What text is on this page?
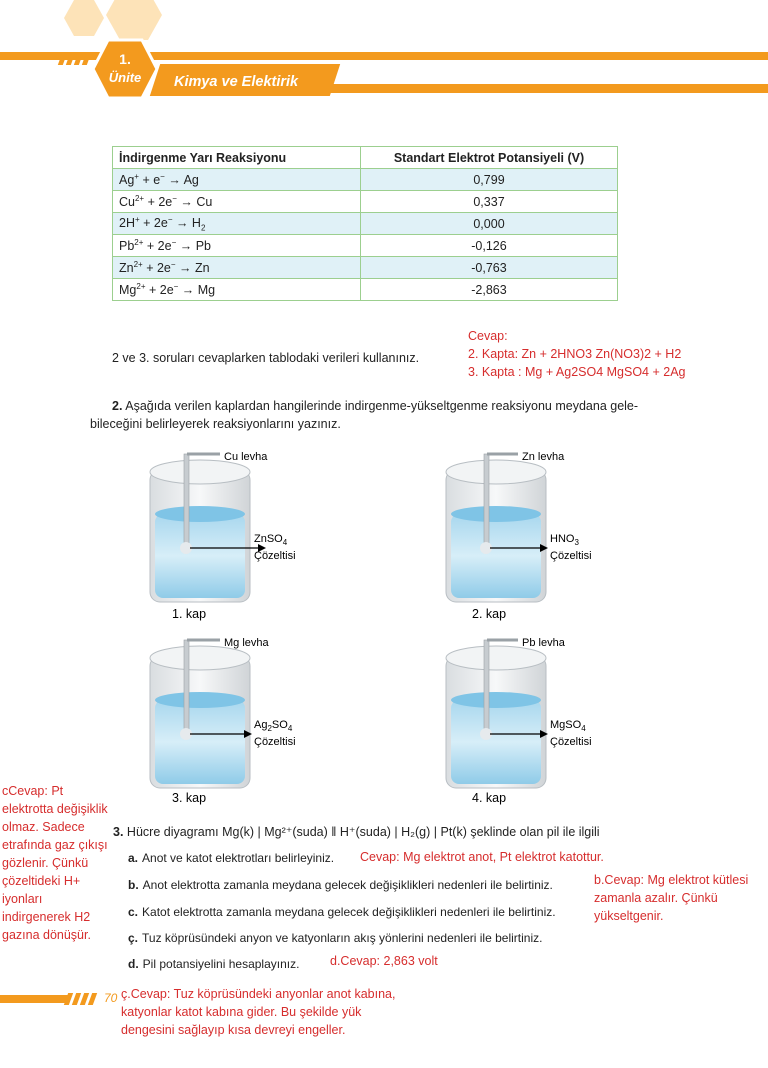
Kimya ve Elektirik
1.
Ünite
İndirgenme Yarı Reaksiyonu	Standart Elektrot Potansiyeli (V)
Ag+ + e− → Ag	0,799
$Cu^{2+} + 2e^- \to Cu$	0,337
$2H^+ + 2e^- \to H_2$	0,000
$Pb^{2+} + 2e^- \to Pb$	-0,126
$Zn^{2+} + 2e^- \to Zn$	-0,763
$Mg^{2+} + 2e^- \to Mg$	-2,863
2 ve 3. soruları cevaplarken tablodaki verileri kullanınız.
Cevap:
2. Kapta: Zn + 2HNO3 Zn(NO3)2 + H2
3. Kapta : Mg + Ag2SO4 MgSO4 + 2Ag
2. Aşağıda verilen kaplardan hangilerinde indirgenme-yükseltgenme reaksiyonu meydana gele-
bileceğini belirleyerek reaksiyonlarını yazınız.
Cu levha
ZnSO$_4$
Çözeltisi
1. kap
Zn levha
$HNO_3$
Çözeltisi
2. kap
Mg levha
$Ag_2SO_4$
Çözeltisi
3. kap
Pb levha
MgSO$_4$
Çözeltisi
4. kap
cCevap: Pt
elektrotta değişiklik
olmaz. Sadece
etrafında gaz çıkışı
gözlenir. Çünkü
çözeltideki H+
iyonları
indirgenerek H2
gazına dönüşür.
3. Hücre diyagramı Mg(k) | Mg²⁺(suda) ‖ H⁺(suda) | H₂(g) | Pt(k) şeklinde olan pil ile ilgili
a. Anot ve katot elektrotları belirleyiniz. Cevap: Mg elektrot anot, Pt elektrot katottur.
b. Anot elektrotta zamanla meydana gelecek değişiklikleri nedenleri ile belirtiniz.	b.Cevap: Mg elektrot kütlesi
zamanla azalır. Çünkü
yükseltgenir.
c. Katot elektrotta zamanla meydana gelecek değişiklikleri nedenleri ile belirtiniz.
ç. Tuz köprüsündeki anyon ve katyonların akış yönlerini nedenleri ile belirtiniz.
d. Pil potansiyelini hesaplayınız. d.Cevap: 2,863 volt
70 ç.Cevap: Tuz köprüsündeki anyonlar anot kabına,
katyonlar katot kabına gider. Bu şekilde yük
dengesini sağlayıp kısa devreyi engeller.
